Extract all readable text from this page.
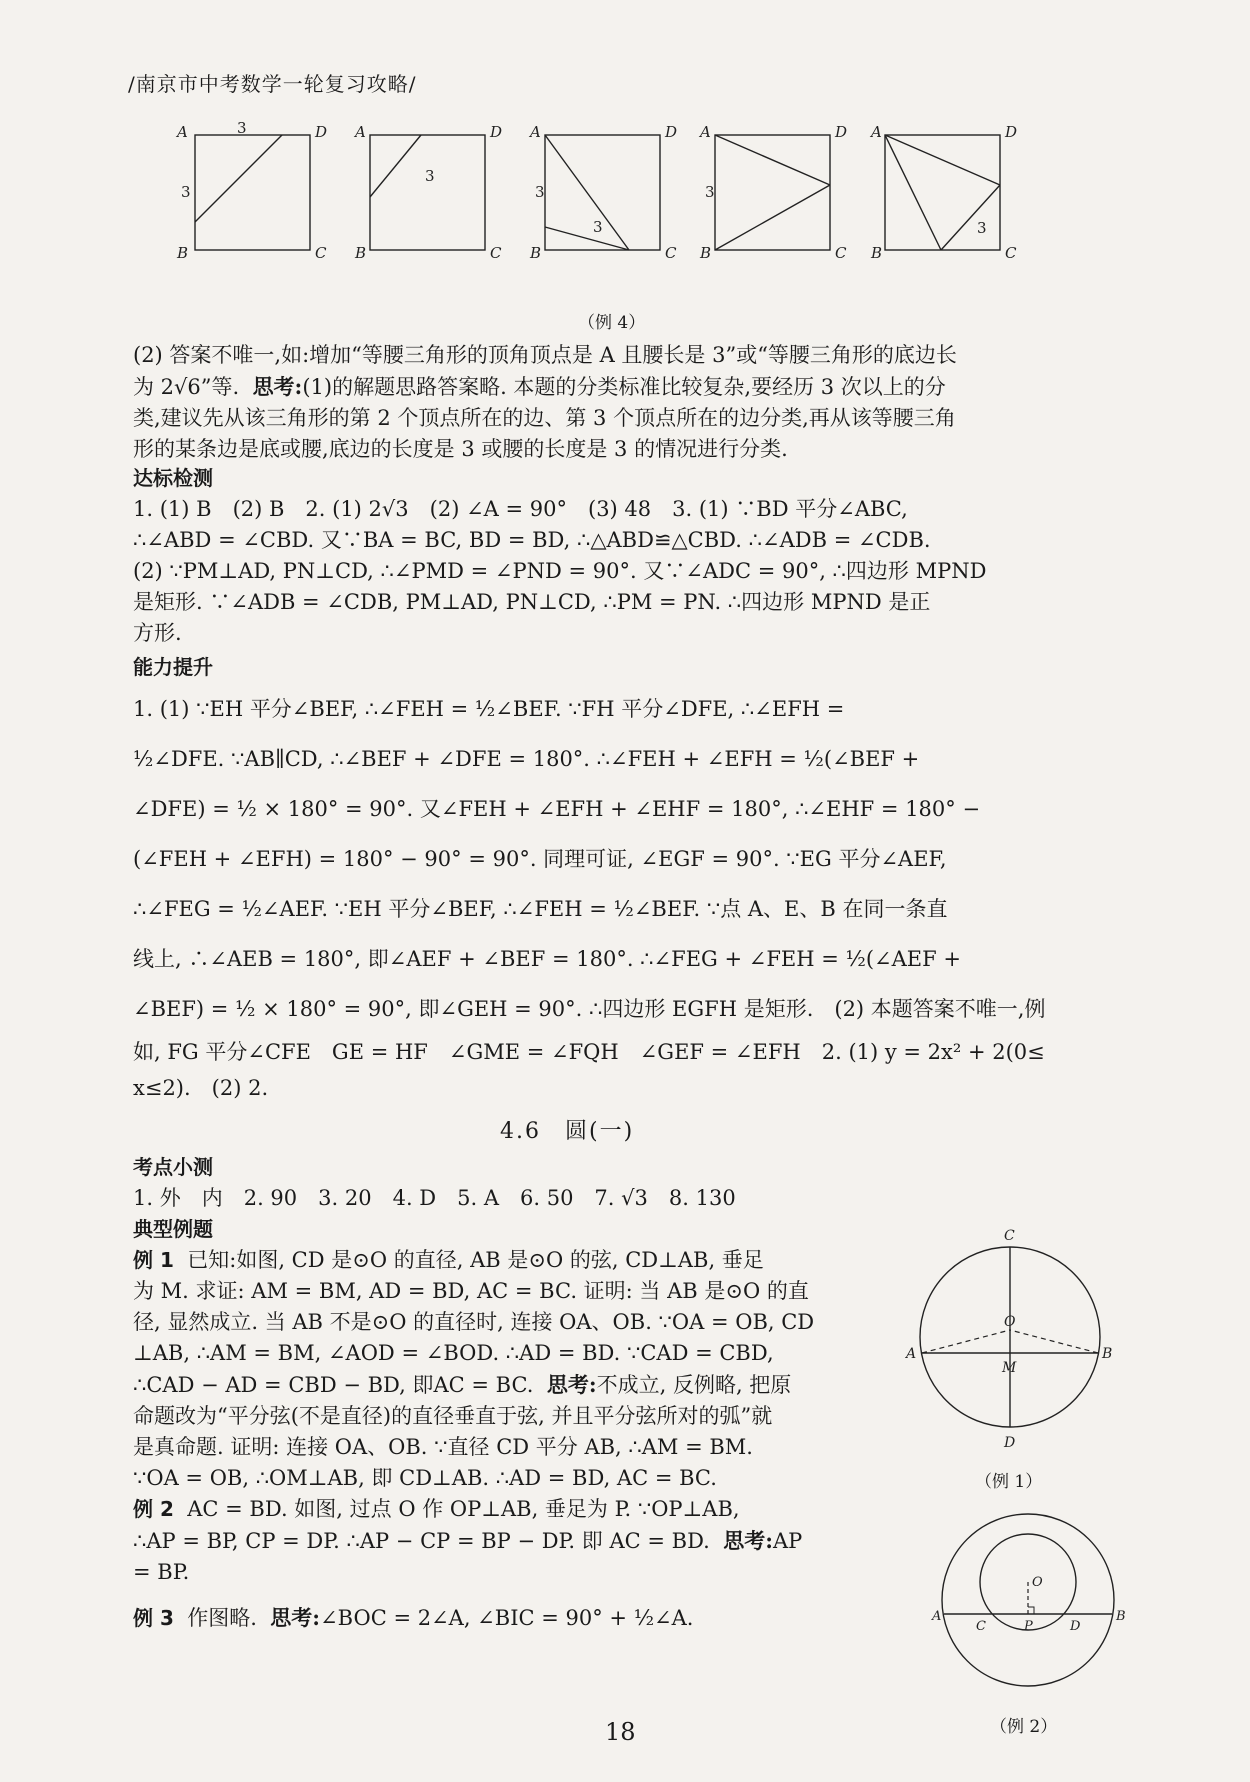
/南京市中考数学一轮复习攻略/
A	D
B	C
A	D
B	C
A	D
B	C
A	D
B	C
A	D
B	C
3
3
3
3
3
3
3
（例 4）
(2) 答案不唯一,如:增加“等腰三角形的顶角顶点是 A 且腰长是 3”或“等腰三角形的底边长
为 2√6”等. 思考:(1)的解题思路答案略. 本题的分类标准比较复杂,要经历 3 次以上的分
类,建议先从该三角形的第 2 个顶点所在的边、第 3 个顶点所在的边分类,再从该等腰三角
形的某条边是底或腰,底边的长度是 3 或腰的长度是 3 的情况进行分类.
达标检测
1. (1) B　(2) B　2. (1) 2√3　(2) ∠A = 90°　(3) 48　3. (1) ∵BD 平分∠ABC,
∴∠ABD = ∠CBD. 又∵BA = BC, BD = BD, ∴△ABD≌△CBD. ∴∠ADB = ∠CDB.
(2) ∵PM⊥AD, PN⊥CD, ∴∠PMD = ∠PND = 90°. 又∵∠ADC = 90°, ∴四边形 MPND
是矩形. ∵∠ADB = ∠CDB, PM⊥AD, PN⊥CD, ∴PM = PN. ∴四边形 MPND 是正
方形.
能力提升
1. (1) ∵EH 平分∠BEF, ∴∠FEH = ½∠BEF. ∵FH 平分∠DFE, ∴∠EFH =
½∠DFE. ∵AB∥CD, ∴∠BEF + ∠DFE = 180°. ∴∠FEH + ∠EFH = ½(∠BEF +
∠DFE) = ½ × 180° = 90°. 又∠FEH + ∠EFH + ∠EHF = 180°, ∴∠EHF = 180° −
(∠FEH + ∠EFH) = 180° − 90° = 90°. 同理可证, ∠EGF = 90°. ∵EG 平分∠AEF,
∴∠FEG = ½∠AEF. ∵EH 平分∠BEF, ∴∠FEH = ½∠BEF. ∵点 A、E、B 在同一条直
线上, ∴∠AEB = 180°, 即∠AEF + ∠BEF = 180°. ∴∠FEG + ∠FEH = ½(∠AEF +
∠BEF) = ½ × 180° = 90°, 即∠GEH = 90°. ∴四边形 EGFH 是矩形.　(2) 本题答案不唯一,例
如, FG 平分∠CFE　GE = HF　∠GME = ∠FQH　∠GEF = ∠EFH　2. (1) y = 2x² + 2(0≤
x≤2).　(2) 2.
4.6　圆(一)
考点小测
1. 外　内　2. 90　3. 20　4. D　5. A　6. 50　7. √3　8. 130
典型例题
例 1 已知:如图, CD 是⊙O 的直径, AB 是⊙O 的弦, CD⊥AB, 垂足
为 M. 求证: AM = BM, AD = BD, AC = BC. 证明: 当 AB 是⊙O 的直
径, 显然成立. 当 AB 不是⊙O 的直径时, 连接 OA、OB. ∵OA = OB, CD
⊥AB, ∴AM = BM, ∠AOD = ∠BOD. ∴AD = BD. ∵CAD = CBD,
∴CAD − AD = CBD − BD, 即AC = BC. 思考:不成立, 反例略, 把原
命题改为“平分弦(不是直径)的直径垂直于弦, 并且平分弦所对的弧”就
是真命题. 证明: 连接 OA、OB. ∵直径 CD 平分 AB, ∴AM = BM.
∵OA = OB, ∴OM⊥AB, 即 CD⊥AB. ∴AD = BD, AC = BC.
例 2 AC = BD. 如图, 过点 O 作 OP⊥AB, 垂足为 P. ∵OP⊥AB,
∴AP = BP, CP = DP. ∴AP − CP = BP − DP. 即 AC = BD. 思考:AP
= BP.
例 3 作图略. 思考:∠BOC = 2∠A, ∠BIC = 90° + ½∠A.
C
O
A	B
M
D
（例 1）
O
A
C	P	D
B
（例 2）
18
